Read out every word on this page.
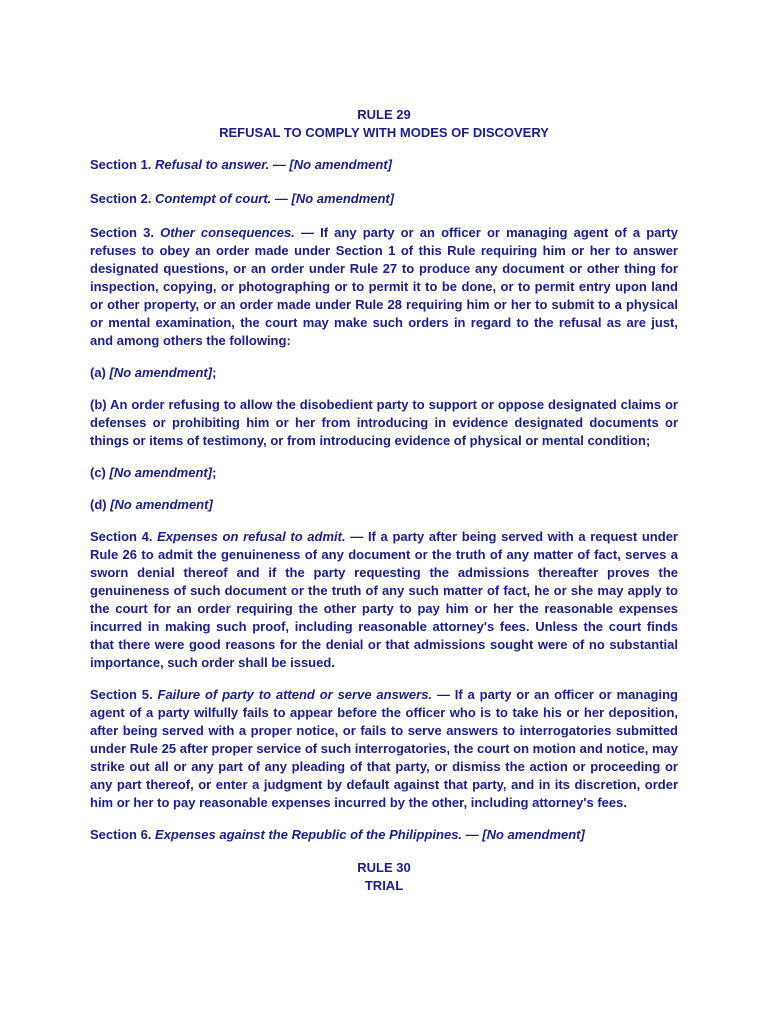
RULE 29

REFUSAL TO COMPLY WITH MODES OF DISCOVERY

Section 1. Refusal to answer. — [No amendment]

Section 2. Contempt of court. — [No amendment]

Section 3. Other consequences. — If any party or an officer or managing agent of a party refuses to obey an order made under Section 1 of this Rule requiring him or her to answer designated questions, or an order under Rule 27 to produce any document or other thing for inspection, copying, or photographing or to permit it to be done, or to permit entry upon land or other property, or an order made under Rule 28 requiring him or her to submit to a physical or mental examination, the court may make such orders in regard to the refusal as are just, and among others the following:

(a) [No amendment];

(b) An order refusing to allow the disobedient party to support or oppose designated claims or defenses or prohibiting him or her from introducing in evidence designated documents or things or items of testimony, or from introducing evidence of physical or mental condition;

(c) [No amendment];

(d) [No amendment]

Section 4. Expenses on refusal to admit. — If a party after being served with a request under Rule 26 to admit the genuineness of any document or the truth of any matter of fact, serves a sworn denial thereof and if the party requesting the admissions thereafter proves the genuineness of such document or the truth of any such matter of fact, he or she may apply to the court for an order requiring the other party to pay him or her the reasonable expenses incurred in making such proof, including reasonable attorney's fees. Unless the court finds that there were good reasons for the denial or that admissions sought were of no substantial importance, such order shall be issued.

Section 5. Failure of party to attend or serve answers. — If a party or an officer or managing agent of a party wilfully fails to appear before the officer who is to take his or her deposition, after being served with a proper notice, or fails to serve answers to interrogatories submitted under Rule 25 after proper service of such interrogatories, the court on motion and notice, may strike out all or any part of any pleading of that party, or dismiss the action or proceeding or any part thereof, or enter a judgment by default against that party, and in its discretion, order him or her to pay reasonable expenses incurred by the other, including attorney's fees.

Section 6. Expenses against the Republic of the Philippines. — [No amendment]

RULE 30

TRIAL
